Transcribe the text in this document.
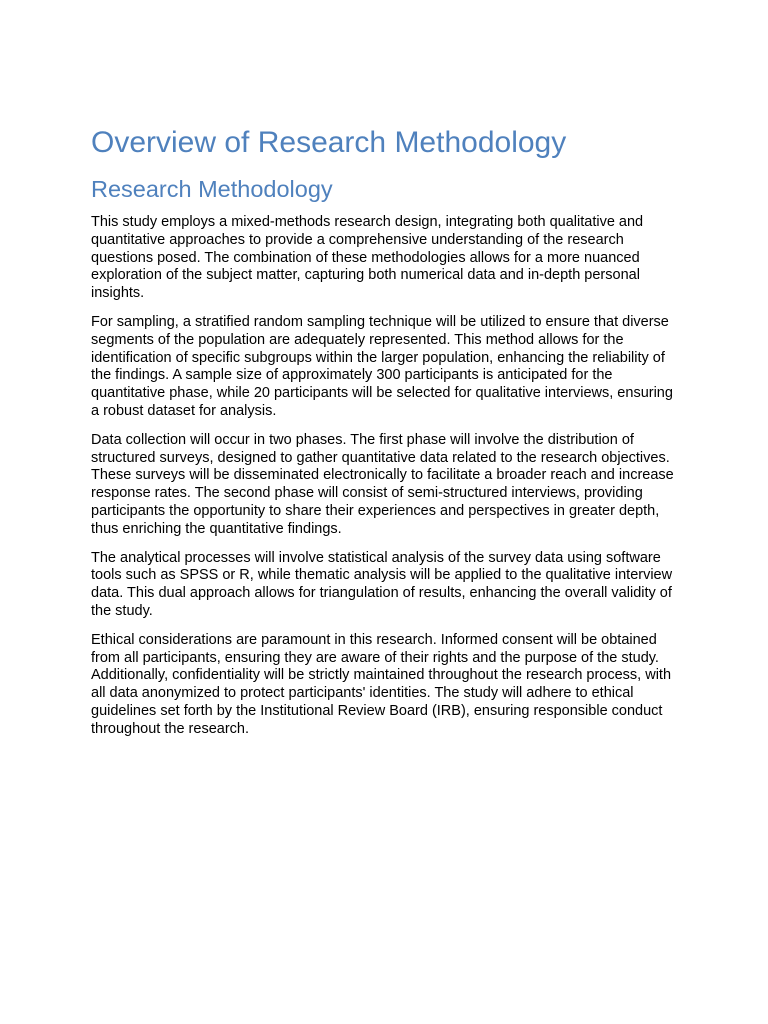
Overview of Research Methodology
Research Methodology

This study employs a mixed-methods research design, integrating both qualitative and quantitative approaches to provide a comprehensive understanding of the research questions posed. The combination of these methodologies allows for a more nuanced exploration of the subject matter, capturing both numerical data and in-depth personal insights.

For sampling, a stratified random sampling technique will be utilized to ensure that diverse segments of the population are adequately represented. This method allows for the identification of specific subgroups within the larger population, enhancing the reliability of the findings. A sample size of approximately 300 participants is anticipated for the quantitative phase, while 20 participants will be selected for qualitative interviews, ensuring a robust dataset for analysis.

Data collection will occur in two phases. The first phase will involve the distribution of structured surveys, designed to gather quantitative data related to the research objectives. These surveys will be disseminated electronically to facilitate a broader reach and increase response rates. The second phase will consist of semi-structured interviews, providing participants the opportunity to share their experiences and perspectives in greater depth, thus enriching the quantitative findings.

The analytical processes will involve statistical analysis of the survey data using software tools such as SPSS or R, while thematic analysis will be applied to the qualitative interview data. This dual approach allows for triangulation of results, enhancing the overall validity of the study.

Ethical considerations are paramount in this research. Informed consent will be obtained from all participants, ensuring they are aware of their rights and the purpose of the study. Additionally, confidentiality will be strictly maintained throughout the research process, with all data anonymized to protect participants' identities. The study will adhere to ethical guidelines set forth by the Institutional Review Board (IRB), ensuring responsible conduct throughout the research.
